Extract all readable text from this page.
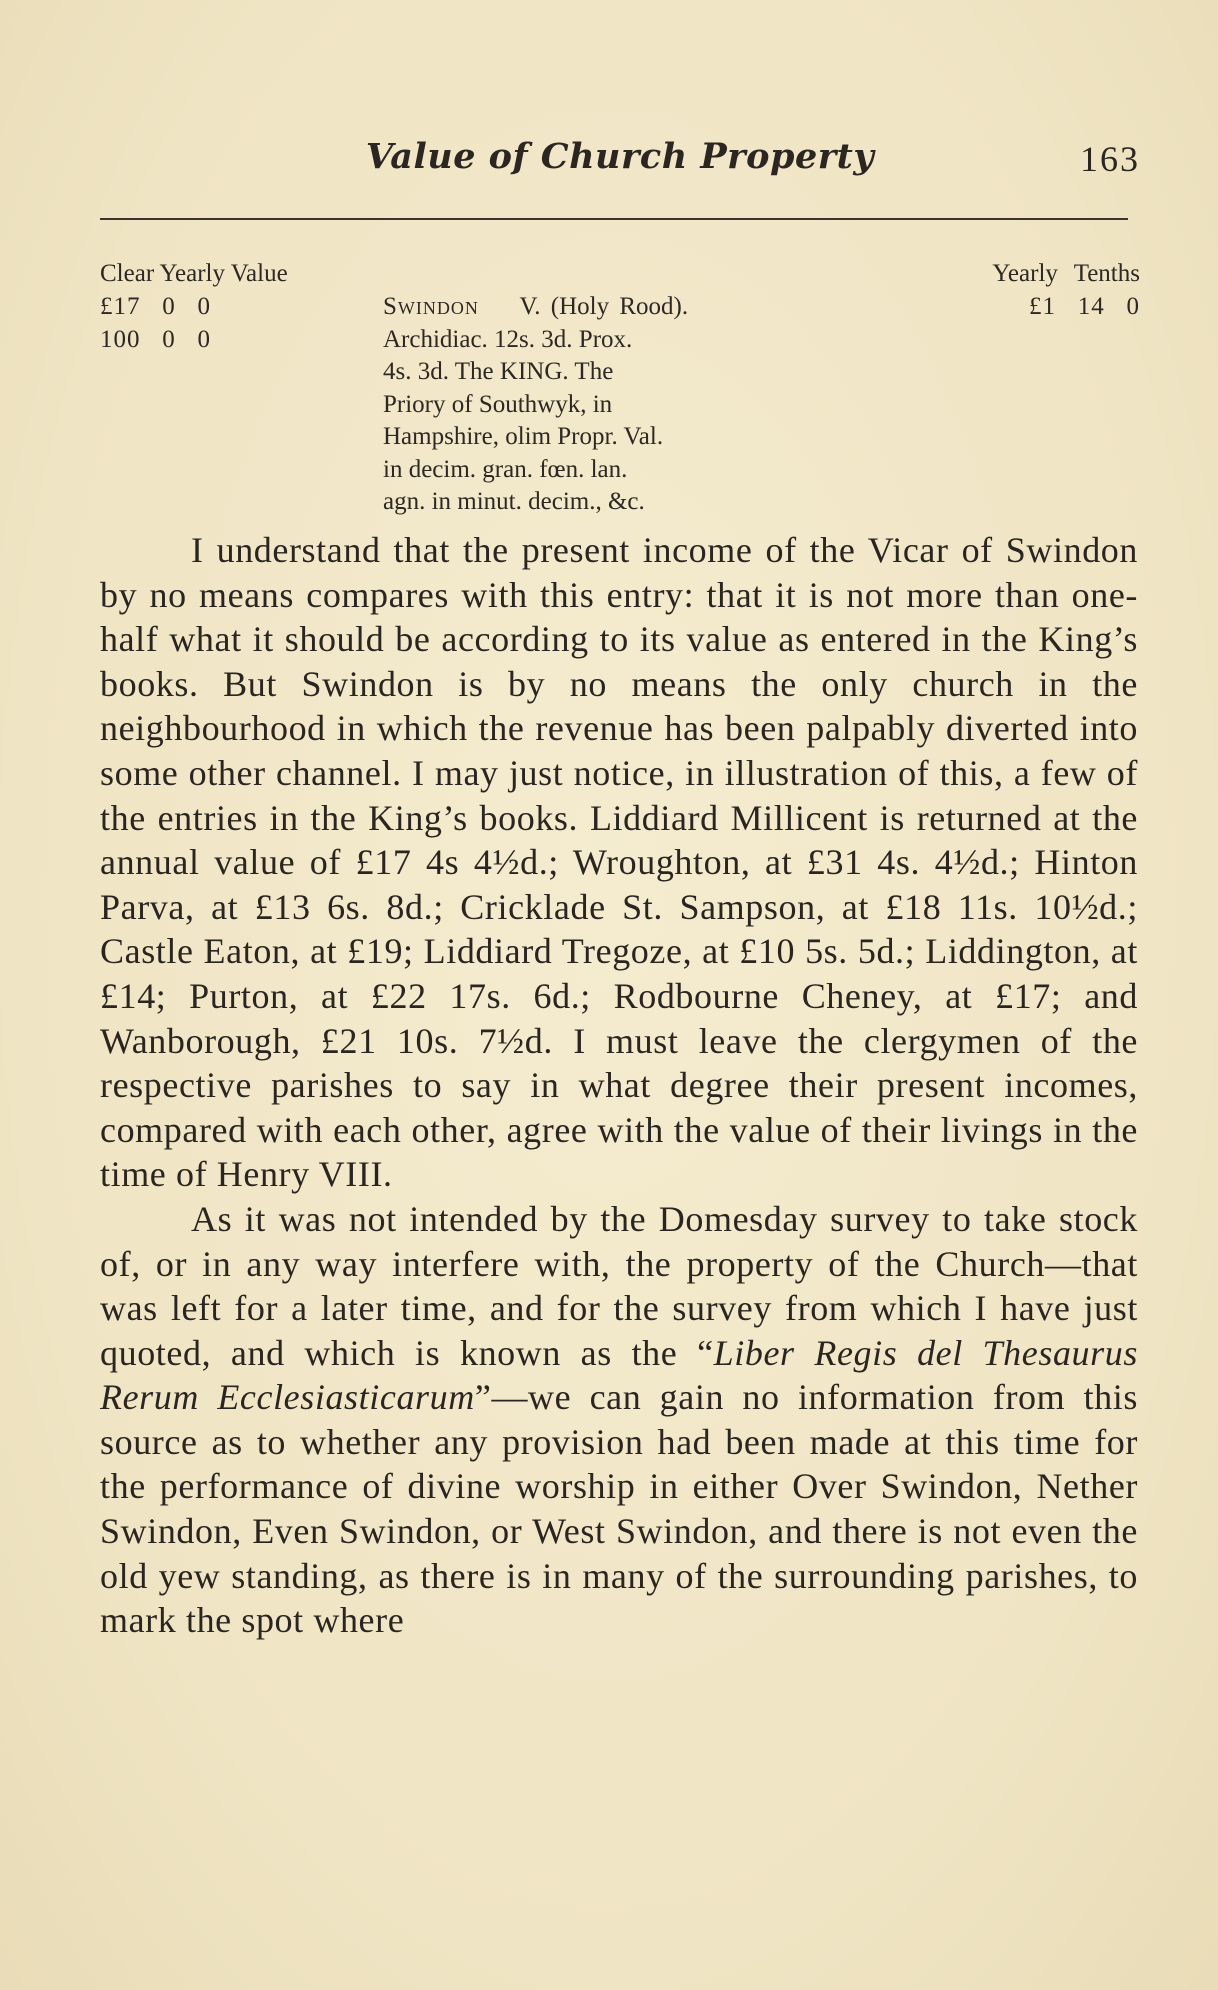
Value of Church Property	163
Clear Yearly Value	Yearly Tenths
£17   0   0
100   0   0
Swindon V. (Holy Rood).
Archidiac. 12s. 3d. Prox.
4s. 3d. The KING. The
Priory of Southwyk, in
Hampshire, olim Propr. Val.
in decim. gran. fœn. lan.
agn. in minut. decim., &c.
£1   14   0

I understand that the present income of the Vicar of Swindon by no means compares with this entry: that it is not more than one-half what it should be according to its value as entered in the King’s books. But Swindon is by no means the only church in the neighbourhood in which the revenue has been palpably diverted into some other channel. I may just notice, in illustration of this, a few of the entries in the King’s books. Liddiard Millicent is returned at the annual value of £17 4s 4½d.; Wroughton, at £31 4s. 4½d.; Hinton Parva, at £13 6s. 8d.; Cricklade St. Sampson, at £18 11s. 10½d.; Castle Eaton, at £19; Liddiard Tregoze, at £10 5s. 5d.; Liddington, at £14; Purton, at £22 17s. 6d.; Rodbourne Cheney, at £17; and Wanborough, £21 10s. 7½d. I must leave the clergymen of the respective parishes to say in what degree their present incomes, compared with each other, agree with the value of their livings in the time of Henry VIII.

As it was not intended by the Domesday survey to take stock of, or in any way interfere with, the property of the Church—that was left for a later time, and for the survey from which I have just quoted, and which is known as the “Liber Regis del Thesaurus Rerum Ecclesiasticarum”—we can gain no information from this source as to whether any provision had been made at this time for the performance of divine worship in either Over Swindon, Nether Swindon, Even Swindon, or West Swindon, and there is not even the old yew standing, as there is in many of the surrounding parishes, to mark the spot where
